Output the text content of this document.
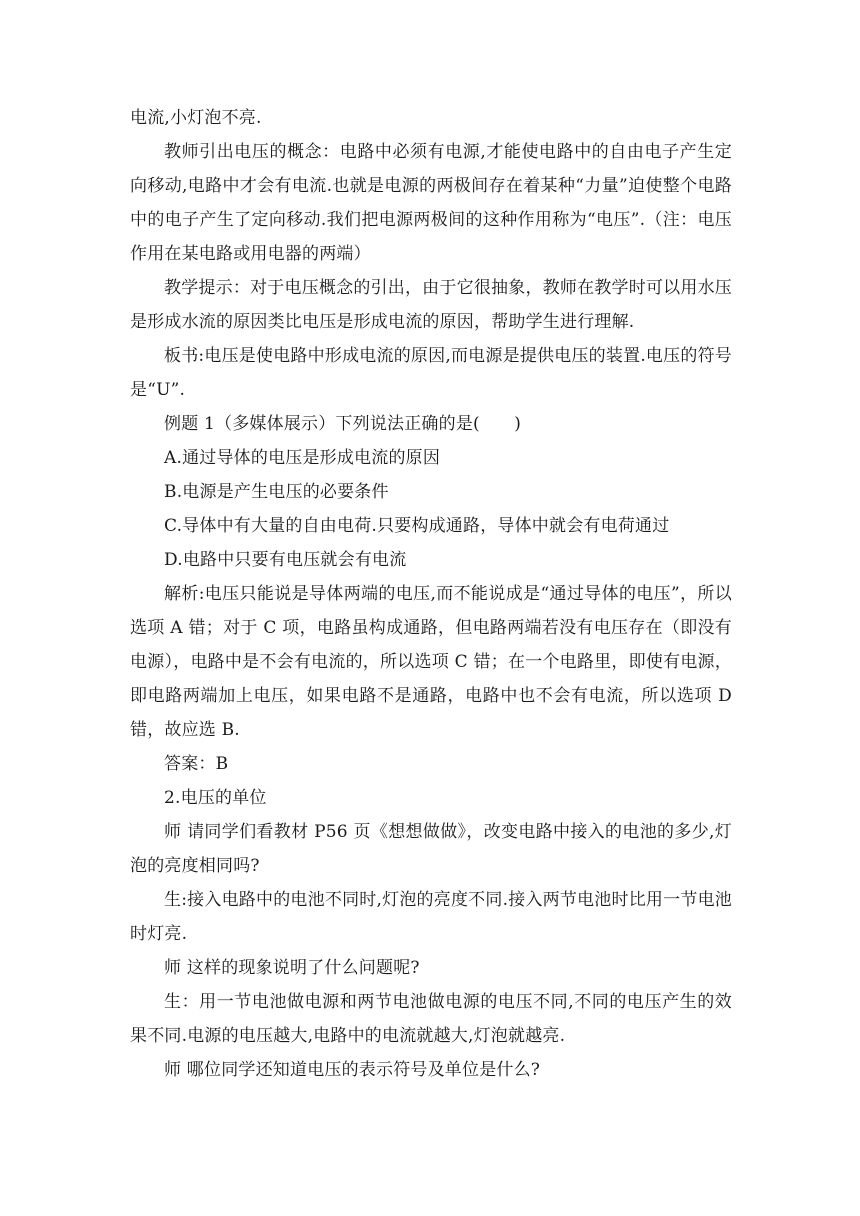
电流,小灯泡不亮.

教师引出电压的概念：电路中必须有电源,才能使电路中的自由电子产生定向移动,电路中才会有电流.也就是电源的两极间存在着某种“力量”迫使整个电路中的电子产生了定向移动.我们把电源两极间的这种作用称为“电压”.（注：电压作用在某电路或用电器的两端）

教学提示：对于电压概念的引出，由于它很抽象，教师在教学时可以用水压是形成水流的原因类比电压是形成电流的原因，帮助学生进行理解.

板书:电压是使电路中形成电流的原因,而电源是提供电压的装置.电压的符号是“U”.

例题 1（多媒体展示）下列说法正确的是(　　)

A.通过导体的电压是形成电流的原因

B.电源是产生电压的必要条件

C.导体中有大量的自由电荷.只要构成通路，导体中就会有电荷通过

D.电路中只要有电压就会有电流

解析:电压只能说是导体两端的电压,而不能说成是“通过导体的电压”，所以选项 A 错；对于 C 项，电路虽构成通路，但电路两端若没有电压存在（即没有电源），电路中是不会有电流的，所以选项 C 错；在一个电路里，即使有电源，即电路两端加上电压，如果电路不是通路，电路中也不会有电流，所以选项 D 错，故应选 B.

答案：B

2.电压的单位

师 请同学们看教材 P56 页《想想做做》，改变电路中接入的电池的多少,灯泡的亮度相同吗?

生:接入电路中的电池不同时,灯泡的亮度不同.接入两节电池时比用一节电池时灯亮.

师 这样的现象说明了什么问题呢?

生：用一节电池做电源和两节电池做电源的电压不同,不同的电压产生的效果不同.电源的电压越大,电路中的电流就越大,灯泡就越亮.

师 哪位同学还知道电压的表示符号及单位是什么?
